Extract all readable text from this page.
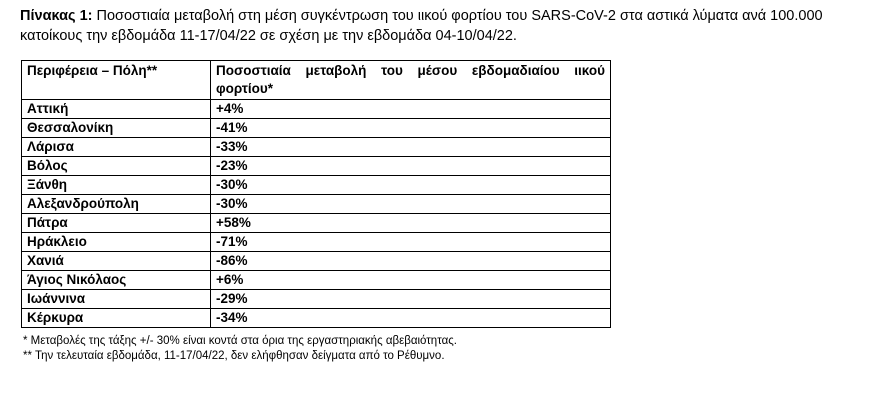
Πίνακας 1: Ποσοστιαία μεταβολή στη μέση συγκέντρωση του ιικού φορτίου του SARS-CoV-2 στα αστικά λύματα ανά 100.000 κατοίκους την εβδομάδα 11-17/04/22 σε σχέση με την εβδομάδα 04-10/04/22.
Περιφέρεια – Πόλη**	Ποσοστιαία μεταβολή του μέσου εβδομαδιαίου ιικού φορτίου*
Αττική	+4%
Θεσσαλονίκη	-41%
Λάρισα	-33%
Βόλος	-23%
Ξάνθη	-30%
Αλεξανδρούπολη	-30%
Πάτρα	+58%
Ηράκλειο	-71%
Χανιά	-86%
Άγιος Νικόλαος	+6%
Ιωάννινα	-29%
Κέρκυρα	-34%
* Μεταβολές της τάξης +/- 30% είναι κοντά στα όρια της εργαστηριακής αβεβαιότητας.
** Την τελευταία εβδομάδα, 11-17/04/22, δεν ελήφθησαν δείγματα από το Ρέθυμνο.
